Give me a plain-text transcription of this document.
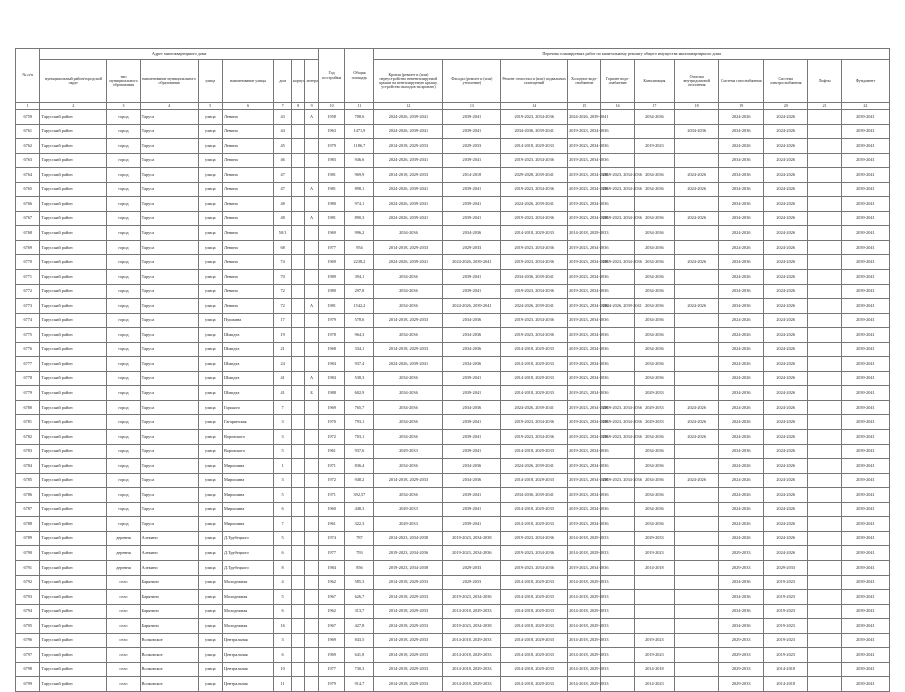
№ п/п	Адрес многоквартирного дома								Год постройки	Общая площадь	Перечень планируемых работ по капитальному ремонту общего имущества многоквартирного дома										
	муниципальный район/городской округ	тип муниципального образования	наименование муниципального образования	улица	наименование улицы	дом	корпус	литера			Кровля (ремонт и (или) переустройство невентилируемой крыши на вентилируемую крышу, устройство выходов на кровлю)	Фасады (ремонт и (или) утепление)	Ремонт отмостки и (или) подвальных помещений	Холодное водо-снабжение	Горячее водо-снабжение	Канализация	Очистка внутридомовой отопления	Система газоснабжения	Система электроснабжения	Лифты	Фундамент
1	2	3	4	5	6	7	8	9	10	11	12	13	14	15	16	17	18	19	20	21	22
6759	Тарусский район	город	Таруса	улица	Ленина	43		А	1958	708,6	2024-2026, 2039-2041	2039-2041	2019-2023, 2034-2036	2024-2026, 2039-2041		2034-2036		2024-2026	2024-2026		2039-2041
6761	Тарусский район	город	Таруса	улица	Ленина	44			1963	1471,9	2024-2026, 2039-2041	2039-2041	2034-2036, 2039-2041	2019-2023, 2034-2036			2034-2036	2034-2036	2024-2026		2039-2041
6762	Тарусский район	город	Таруса	улица	Ленина	45			1979	1186,7	2014-2018, 2029-2033	2029-2033	2014-2018, 2029-2033	2019-2023, 2034-2036		2019-2023		2024-2026	2024-2026		2039-2041
6763	Тарусский район	город	Таруса	улица	Ленина	46			1983	946,6	2024-2026, 2039-2041	2039-2041	2019-2023, 2034-2036	2019-2023, 2034-2036				2034-2036	2024-2026		2039-2041
6764	Тарусский район	город	Таруса	улица	Ленина	47			1981	969,9	2014-2018, 2029-2033	2014-2018	2029-2028, 2039-2041	2019-2023, 2034-2036	2019-2023, 2034-2036	2034-2036	2024-2026	2034-2036	2024-2026		2039-2041
6765	Тарусский район	город	Таруса	улица	Ленина	47		А	1981	898,1	2024-2026, 2039-2041	2039-2041	2019-2023, 2034-2036	2019-2023, 2034-2036	2019-2023, 2034-2036	2034-2036	2024-2026	2034-2036	2024-2026		2039-2041
6766	Тарусский район	город	Таруса	улица	Ленина	48			1980	974,1	2024-2026, 2039-2041	2039-2041	2024-2026, 2039-2041	2019-2023, 2034-2036				2034-2036	2024-2026		2039-2041
6767	Тарусский район	город	Таруса	улица	Ленина	48		А	1981	890,3	2024-2026, 2039-2041	2039-2041	2019-2023, 2034-2036	2019-2023, 2034-2036	2019-2023, 2034-2036	2034-2036	2024-2026	2034-2036	2024-2026		2039-2041
6768	Тарусский район	город	Таруса	улица	Ленина	50/1			1969	996,2	2034-2036	2034-2036	2014-2018, 2029-2033	2014-2018, 2029-2033		2034-2036		2024-2026	2024-2026		2039-2041
6769	Тарусский район	город	Таруса	улица	Ленина	68			1977	954	2014-2018, 2029-2033	2029-2033	2019-2023, 2034-2036	2019-2023, 2034-2036		2034-2036		2024-2026	2024-2026		2039-2041
6770	Тарусский район	город	Таруса	улица	Ленина	74			1969	2238,2	2024-2026, 2039-2041	2024-2026, 2039-2041	2019-2023, 2034-2036	2019-2023, 2034-2036	2019-2023, 2034-2036	2034-2036	2024-2026	2034-2036	2024-2026		2039-2041
6771	Тарусский район	город	Таруса	улица	Ленина	70			1989	394,1	2034-2036	2039-2041	2034-2036, 2039-2041	2019-2023, 2034-2036		2034-2036		2024-2026	2024-2026		2039-2041
6772	Тарусский район	город	Таруса	улица	Ленина	72			1980	297,8	2034-2036	2039-2041	2019-2023, 2034-2036	2019-2023, 2034-2036		2034-2036		2034-2036	2024-2026		2039-2041
6773	Тарусский район	город	Таруса	улица	Ленина	72		А	1981	1542,2	2034-2036	2024-2026, 2039-2041	2024-2026, 2039-2041	2019-2023, 2034-2036	2024-2026, 2039-2041	2034-2036	2024-2026	2034-2036	2024-2026		2039-2041
6774	Тарусский район	город	Таруса	улица	Пушкина	17			1979	578,6	2014-2018, 2029-2033	2034-2036	2019-2023, 2034-2036	2019-2023, 2034-2036		2034-2036		2024-2026	2024-2026		2039-2041
6775	Тарусский район	город	Таруса	улица	Шмидта	19			1978	964,3	2034-2036	2034-2036	2019-2023, 2034-2036	2019-2023, 2034-2036		2034-2036		2024-2026	2024-2026		2039-2041
6776	Тарусский район	город	Таруса	улица	Шмидта	21			1968	334,1	2014-2018, 2029-2033	2034-2036	2014-2018, 2029-2033	2019-2023, 2034-2036		2034-2036		2024-2026	2024-2026		2039-2041
6777	Тарусский район	город	Таруса	улица	Шмидта	24			1984	937,4	2024-2026, 2039-2041	2034-2036	2014-2018, 2029-2033	2019-2023, 2034-2036		2034-2036		2024-2026	2024-2026		2039-2041
6778	Тарусский район	город	Таруса	улица	Шмидта	41		А	1984	538,3	2034-2036	2039-2041	2014-2018, 2029-2033	2019-2023, 2034-2036		2034-2036		2024-2026	2024-2026		2039-2041
6779	Тарусский район	город	Таруса	улица	Шмидта	41		Б	1988	602,9	2034-2036	2039-2041	2014-2018, 2029-2033	2019-2023, 2034-2036		2029-2033		2034-2036	2024-2026		2039-2041
6780	Тарусский район	город	Таруса	улица	Горького	7			1969	765,7	2034-2036	2034-2036	2024-2026, 2039-2041	2019-2023, 2034-2036	2019-2023, 2034-2036	2029-2033	2024-2026	2024-2026	2024-2026		2039-2041
6781	Тарусский район	город	Таруса	улица	Гагаринская	3			1970	793,1	2034-2036	2039-2041	2019-2023, 2034-2036	2019-2023, 2034-2036	2019-2023, 2034-2036	2029-2033	2024-2026	2024-2026	2024-2026		2039-2041
6782	Тарусский район	город	Таруса	улица	Воровского	3			1972	703,1	2034-2036	2039-2041	2019-2023, 2034-2036	2019-2023, 2034-2036	2019-2023, 2034-2036	2034-2036	2024-2026	2024-2026	2024-2026		2039-2041
6783	Тарусский район	город	Таруса	улица	Воровского	5			1961	937,6	2029-2033	2039-2041	2014-2018, 2029-2033	2019-2023, 2034-2036		2034-2036		2034-2036	2024-2026		2039-2041
6784	Тарусский район	город	Таруса	улица	Мирошина	1			1971	836,4	2034-2036	2034-2036	2024-2026, 2039-2041	2019-2023, 2034-2036		2034-2036		2024-2026	2024-2026		2039-2041
6785	Тарусский район	город	Таруса	улица	Мирошина	3			1972	948,2	2014-2018, 2029-2033	2034-2036	2014-2018, 2029-2033	2019-2023, 2034-2036	2019-2023, 2034-2036	2034-2036	2024-2026	2024-2026	2024-2026		2039-2041
6786	Тарусский район	город	Таруса	улица	Мирошина	5			1971	392,57	2034-2036	2039-2041	2034-2036, 2039-2041	2019-2023, 2034-2036		2034-2036		2024-2026	2024-2026		2039-2041
6787	Тарусский район	город	Таруса	улица	Мирошина	6			1960	448,3	2029-2033	2039-2041	2014-2018, 2029-2033	2019-2023, 2034-2036		2034-2036		2024-2026	2024-2026		2039-2041
6788	Тарусский район	город	Таруса	улица	Мирошина	7			1961	322,3	2029-2033	2039-2041	2014-2018, 2029-2033	2019-2023, 2034-2036		2034-2036		2024-2026	2024-2026		2039-2041
6789	Тарусский район	деревня	Алекино	улица	Д.Трубецкого	5			1974	787	2014-2023, 2034-2038	2019-2023, 2034-2038	2019-2023, 2034-2036	2014-2018, 2029-2033		2029-2033		2024-2026	2024-2026		2039-2041
6790	Тарусский район	деревня	Алекино	улица	Д.Трубецкого	6			1977	793	2019-2023, 2034-2036	2019-2023, 2034-2036	2019-2023, 2034-2036	2014-2018, 2029-2033		2019-2023		2029-2033	2024-2026		2039-2041
6791	Тарусский район	деревня	Алекино	улица	Д.Трубецкого	8			1984	856	2019-2023, 2034-2038	2029-2033	2019-2023, 2034-2036	2019-2023, 2034-2036		2014-2018		2029-2033	2029-2033		2039-2041
6792	Тарусский район	село	Барятино	улица	Молодежная	4			1962	585,3	2014-2018, 2029-2033	2029-2033	2014-2018, 2029-2033	2014-2018, 2029-2033				2034-2036	2019-2023		2039-2041
6793	Тарусский район	село	Барятино	улица	Молодежная	5			1967	626,7	2014-2018, 2029-2033	2019-2023, 2034-2036	2014-2018, 2029-2033	2014-2018, 2029-2033				2034-2036	2019-2023		2039-2041
6794	Тарусский район	село	Барятино	улица	Молодежная	6			1962	313,7	2014-2018, 2029-2033	2014-2018, 2029-2033	2014-2018, 2029-2033	2014-2018, 2029-2033				2034-2036	2019-2023		2039-2041
6795	Тарусский район	село	Барятино	улица	Молодежная	16			1967	427,8	2014-2018, 2029-2033	2019-2023, 2034-2038	2014-2018, 2029-2033	2014-2018, 2029-2033				2034-2036	2019-2023		2039-2041
6796	Тарусский район	село	Волковское	улица	Центральная	3			1969	843,5	2014-2018, 2029-2033	2014-2018, 2029-2033	2014-2018, 2029-2033	2014-2018, 2029-2033		2019-2023		2029-2033	2019-2023		2039-2041
6797	Тарусский район	село	Волковское	улица	Центральная	6			1969	641,8	2014-2018, 2029-2033	2014-2018, 2029-2033	2014-2018, 2029-2033	2014-2018, 2029-2033		2019-2023		2029-2033	2019-2023		2039-2041
6798	Тарусский район	село	Волковское	улица	Центральная	10			1977	730,3	2014-2018, 2029-2033	2014-2018, 2029-2033	2014-2018, 2029-2033	2014-2018, 2029-2033		2014-2018		2029-2033	2014-2018		2039-2041
6799	Тарусский район	село	Волковское	улица	Центральная	11			1979	914,7	2014-2018, 2029-2033	2014-2018, 2029-2033	2014-2018, 2029-2033	2014-2018, 2029-2033		2014-2023		2029-2033	2014-2018		2039-2041
